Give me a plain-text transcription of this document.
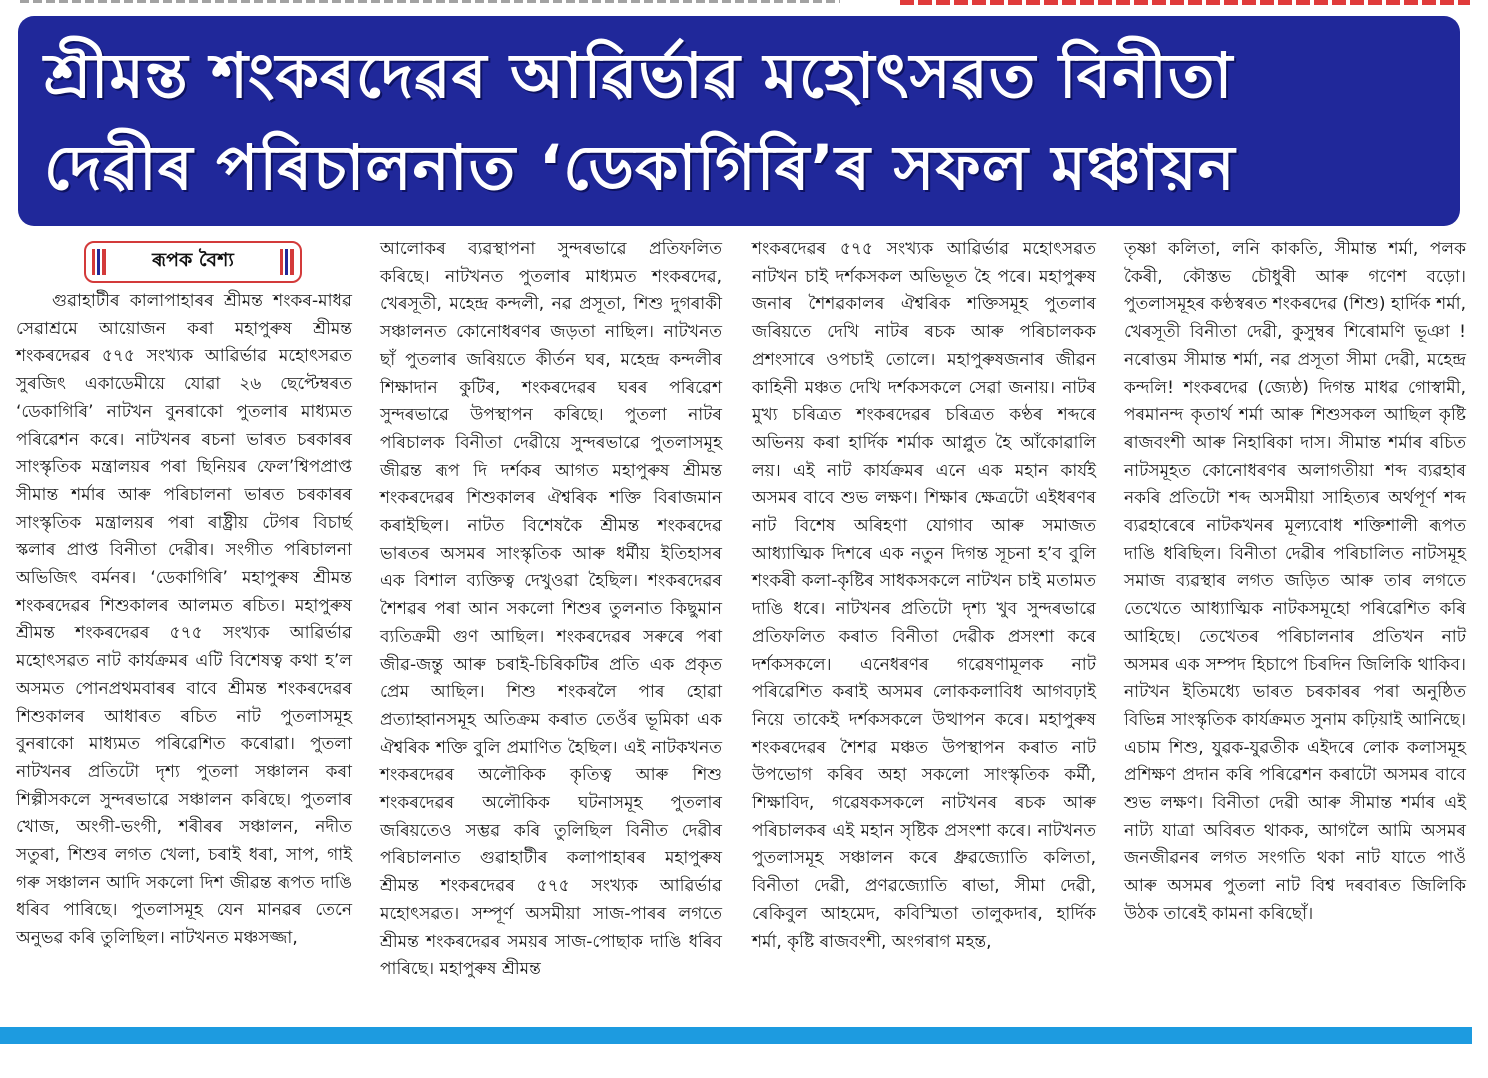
শ্ৰীমন্ত শংকৰদেৱৰ আৱিৰ্ভাৱ মহোৎসৱত বিনীতা
দেৱীৰ পৰিচালনাত ‘ডেকাগিৰি’ৰ সফল মঞ্চায়ন
ৰূপক বৈশ্য

গুৱাহাটীৰ কালাপাহাৰৰ শ্ৰীমন্ত শংকৰ-মাধৱ সেৱাশ্ৰমে আয়োজন কৰা মহাপুৰুষ শ্ৰীমন্ত শংকৰদেৱৰ ৫৭৫ সংখ্যক আৱিৰ্ভাৱ মহোৎসৱত সুৰজিৎ একাডেমীয়ে যোৱা ২৬ ছেপ্টেম্বৰত ‘ডেকাগিৰি’ নাটখন বুনৰাকো পুতলাৰ মাধ্যমত পৰিৱেশন কৰে। নাটখনৰ ৰচনা ভাৰত চৰকাৰৰ সাংস্কৃতিক মন্ত্ৰালয়ৰ পৰা ছিনিয়ৰ ফেল’শ্বিপপ্ৰাপ্ত সীমান্ত শৰ্মাৰ আৰু পৰিচালনা ভাৰত চৰকাৰৰ সাংস্কৃতিক মন্ত্ৰালয়ৰ পৰা ৰাষ্ট্ৰীয় টেগৰ বিচাৰ্ছ স্কলাৰ প্ৰাপ্ত বিনীতা দেৱীৰ। সংগীত পৰিচালনা অভিজিৎ বৰ্মনৰ। ‘ডেকাগিৰি’ মহাপুৰুষ শ্ৰীমন্ত শংকৰদেৱৰ শিশুকালৰ আলমত ৰচিত। মহাপুৰুষ শ্ৰীমন্ত শংকৰদেৱৰ ৫৭৫ সংখ্যক আৱিৰ্ভাৱ মহোৎসৱত নাট কাৰ্যক্ৰমৰ এটি বিশেষত্ব কথা হ’ল অসমত পোনপ্ৰথমবাৰৰ বাবে শ্ৰীমন্ত শংকৰদেৱৰ শিশুকালৰ আধাৰত ৰচিত নাট পুতলাসমূহ বুনৰাকো মাধ্যমত পৰিৱেশিত কৰোৱা। পুতলা নাটখনৰ প্ৰতিটো দৃশ্য পুতলা সঞ্চালন কৰা শিল্পীসকলে সুন্দৰভাৱে সঞ্চালন কৰিছে। পুতলাৰ খোজ, অংগী-ভংগী, শৰীৰৰ সঞ্চালন, নদীত সতুৰা, শিশুৰ লগত খেলা, চৰাই ধৰা, সাপ, গাই গৰু সঞ্চালন আদি সকলো দিশ জীৱন্ত ৰূপত দাঙি ধৰিব পাৰিছে। পুতলাসমূহ যেন মানৱৰ তেনে অনুভৱ কৰি তুলিছিল। নাটখনত মঞ্চসজ্জা,

আলোকৰ ব্যৱস্থাপনা সুন্দৰভাৱে প্ৰতিফলিত কৰিছে। নাটখনত পুতলাৰ মাধ্যমত শংকৰদেৱ, খেৰসূতী, মহেন্দ্ৰ কন্দলী, নৱ প্ৰসূতা, শিশু দুগৰাকী সঞ্চালনত কোনোধৰণৰ জড়তা নাছিল। নাটখনত ছাঁ পুতলাৰ জৰিয়তে কীৰ্তন ঘৰ, মহেন্দ্ৰ কন্দলীৰ শিক্ষাদান কুটিৰ, শংকৰদেৱৰ ঘৰৰ পৰিৱেশ সুন্দৰভাৱে উপস্থাপন কৰিছে। পুতলা নাটৰ পৰিচালক বিনীতা দেৱীয়ে সুন্দৰভাৱে পুতলাসমূহ জীৱন্ত ৰূপ দি দৰ্শকৰ আগত মহাপুৰুষ শ্ৰীমন্ত শংকৰদেৱৰ শিশুকালৰ ঐশ্বৰিক শক্তি বিৰাজমান কৰাইছিল। নাটত বিশেষকৈ শ্ৰীমন্ত শংকৰদেৱ ভাৰতৰ অসমৰ সাংস্কৃতিক আৰু ধৰ্মীয় ইতিহাসৰ এক বিশাল ব্যক্তিত্ব দেখুওৱা হৈছিল। শংকৰদেৱৰ শৈশৱৰ পৰা আন সকলো শিশুৰ তুলনাত কিছুমান ব্যতিক্ৰমী গুণ আছিল। শংকৰদেৱৰ সৰুৰে পৰা জীৱ-জন্তু আৰু চৰাই-চিৰিকটিৰ প্ৰতি এক প্ৰকৃত প্ৰেম আছিল। শিশু শংকৰলৈ পাৰ হোৱা প্ৰত্যাহ্বানসমূহ অতিক্ৰম কৰাত তেওঁৰ ভূমিকা এক ঐশ্বৰিক শক্তি বুলি প্ৰমাণিত হৈছিল। এই নাটকখনত শংকৰদেৱৰ অলৌকিক কৃতিত্ব আৰু শিশু শংকৰদেৱৰ অলৌকিক ঘটনাসমূহ পুতলাৰ জৰিয়তেও সম্ভৱ কৰি তুলিছিল বিনীত দেৱীৰ পৰিচালনাত গুৱাহাটীৰ কলাপাহাৰৰ মহাপুৰুষ শ্ৰীমন্ত শংকৰদেৱৰ ৫৭৫ সংখ্যক আৱিৰ্ভাৱ মহোৎসৱত। সম্পূৰ্ণ অসমীয়া সাজ-পাৰৰ লগতে শ্ৰীমন্ত শংকৰদেৱৰ সময়ৰ সাজ-পোছাক দাঙি ধৰিব পাৰিছে। মহাপুৰুষ শ্ৰীমন্ত

শংকৰদেৱৰ ৫৭৫ সংখ্যক আৱিৰ্ভাৱ মহোৎসৱত নাটখন চাই দৰ্শকসকল অভিভূত হৈ পৰে। মহাপুৰুষ জনাৰ শৈশৱকালৰ ঐশ্বৰিক শক্তিসমূহ পুতলাৰ জৰিয়তে দেখি নাটৰ ৰচক আৰু পৰিচালকক প্ৰশংসাৰে ওপচাই তোলে। মহাপুৰুষজনাৰ জীৱন কাহিনী মঞ্চত দেখি দৰ্শকসকলে সেৱা জনায়। নাটৰ মুখ্য চৰিত্ৰত শংকৰদেৱৰ চৰিত্ৰত কণ্ঠৰ শব্দৰে অভিনয় কৰা হাৰ্দিক শৰ্মাক আপ্লুত হৈ আঁকোৱালি লয়। এই নাট কাৰ্যক্ৰমৰ এনে এক মহান কাৰ্যই অসমৰ বাবে শুভ লক্ষণ। শিক্ষাৰ ক্ষেত্ৰটো এইধৰণৰ নাট বিশেষ অৰিহণা যোগাব আৰু সমাজত আধ্যাত্মিক দিশৰে এক নতুন দিগন্ত সূচনা হ’ব বুলি শংকৰী কলা-কৃষ্টিৰ সাধকসকলে নাটখন চাই মতামত দাঙি ধৰে। নাটখনৰ প্ৰতিটো দৃশ্য খুব সুন্দৰভাৱে প্ৰতিফলিত কৰাত বিনীতা দেৱীক প্ৰসংশা কৰে দৰ্শকসকলে। এনেধৰণৰ গৱেষণামূলক নাট পৰিৱেশিত কৰাই অসমৰ লোককলাবিধ আগবঢ়াই নিয়ে তাকেই দৰ্শকসকলে উত্থাপন কৰে। মহাপুৰুষ শংকৰদেৱৰ শৈশৱ মঞ্চত উপস্থাপন কৰাত নাট উপভোগ কৰিব অহা সকলো সাংস্কৃতিক কৰ্মী, শিক্ষাবিদ, গৱেষকসকলে নাটখনৰ ৰচক আৰু পৰিচালকৰ এই মহান সৃষ্টিক প্ৰসংশা কৰে। নাটখনত পুতলাসমূহ সঞ্চালন কৰে ধ্ৰুৱজ্যোতি কলিতা, বিনীতা দেৱী, প্ৰণৱজ্যোতি ৰাভা, সীমা দেৱী, ৰেকিবুল আহমেদ, কবিস্মিতা তালুকদাৰ, হাৰ্দিক শৰ্মা, কৃষ্টি ৰাজবংশী, অংগৰাগ মহন্ত,

তৃষ্ণা কলিতা, লনি কাকতি, সীমান্ত শৰ্মা, পলক কৈৰী, কৌস্তভ চৌধুৰী আৰু গণেশ বড়ো। পুতলাসমূহৰ কণ্ঠস্বৰত শংকৰদেৱ (শিশু) হাৰ্দিক শৰ্মা, খেৰসূতী বিনীতা দেৱী, কুসুম্বৰ শিৰোমণি ভূঞা ! নৰোত্তম সীমান্ত শৰ্মা, নৱ প্ৰসূতা সীমা দেৱী, মহেন্দ্ৰ কন্দলি! শংকৰদেৱ (জ্যেষ্ঠ) দিগন্ত মাধৱ গোস্বামী, পৰমানন্দ কৃতাৰ্থ শৰ্মা আৰু শিশুসকল আছিল কৃষ্টি ৰাজবংশী আৰু নিহাৰিকা দাস। সীমান্ত শৰ্মাৰ ৰচিত নাটসমূহত কোনোধৰণৰ অলাগতীয়া শব্দ ব্যৱহাৰ নকৰি প্ৰতিটো শব্দ অসমীয়া সাহিত্যৰ অৰ্থপূৰ্ণ শব্দ ব্যৱহাৰেৰে নাটকখনৰ মূল্যবোধ শক্তিশালী ৰূপত দাঙি ধৰিছিল। বিনীতা দেৱীৰ পৰিচালিত নাটসমূহ সমাজ ব্যৱস্থাৰ লগত জড়িত আৰু তাৰ লগতে তেখেতে আধ্যাত্মিক নাটকসমূহো পৰিৱেশিত কৰি আহিছে। তেখেতৰ পৰিচালনাৰ প্ৰতিখন নাট অসমৰ এক সম্পদ হিচাপে চিৰদিন জিলিকি থাকিব। নাটখন ইতিমধ্যে ভাৰত চৰকাৰৰ পৰা অনুষ্ঠিত বিভিন্ন সাংস্কৃতিক কাৰ্যক্ৰমত সুনাম কঢ়িয়াই আনিছে। এচাম শিশু, যুৱক-যুৱতীক এইদৰে লোক কলাসমূহ প্ৰশিক্ষণ প্ৰদান কৰি পৰিৱেশন কৰাটো অসমৰ বাবে শুভ লক্ষণ। বিনীতা দেৱী আৰু সীমান্ত শৰ্মাৰ এই নাট্য যাত্ৰা অবিৰত থাকক, আগলৈ আমি অসমৰ জনজীৱনৰ লগত সংগতি থকা নাট যাতে পাওঁ আৰু অসমৰ পুতলা নাট বিশ্ব দৰবাৰত জিলিকি উঠক তাৰেই কামনা কৰিছোঁ।
